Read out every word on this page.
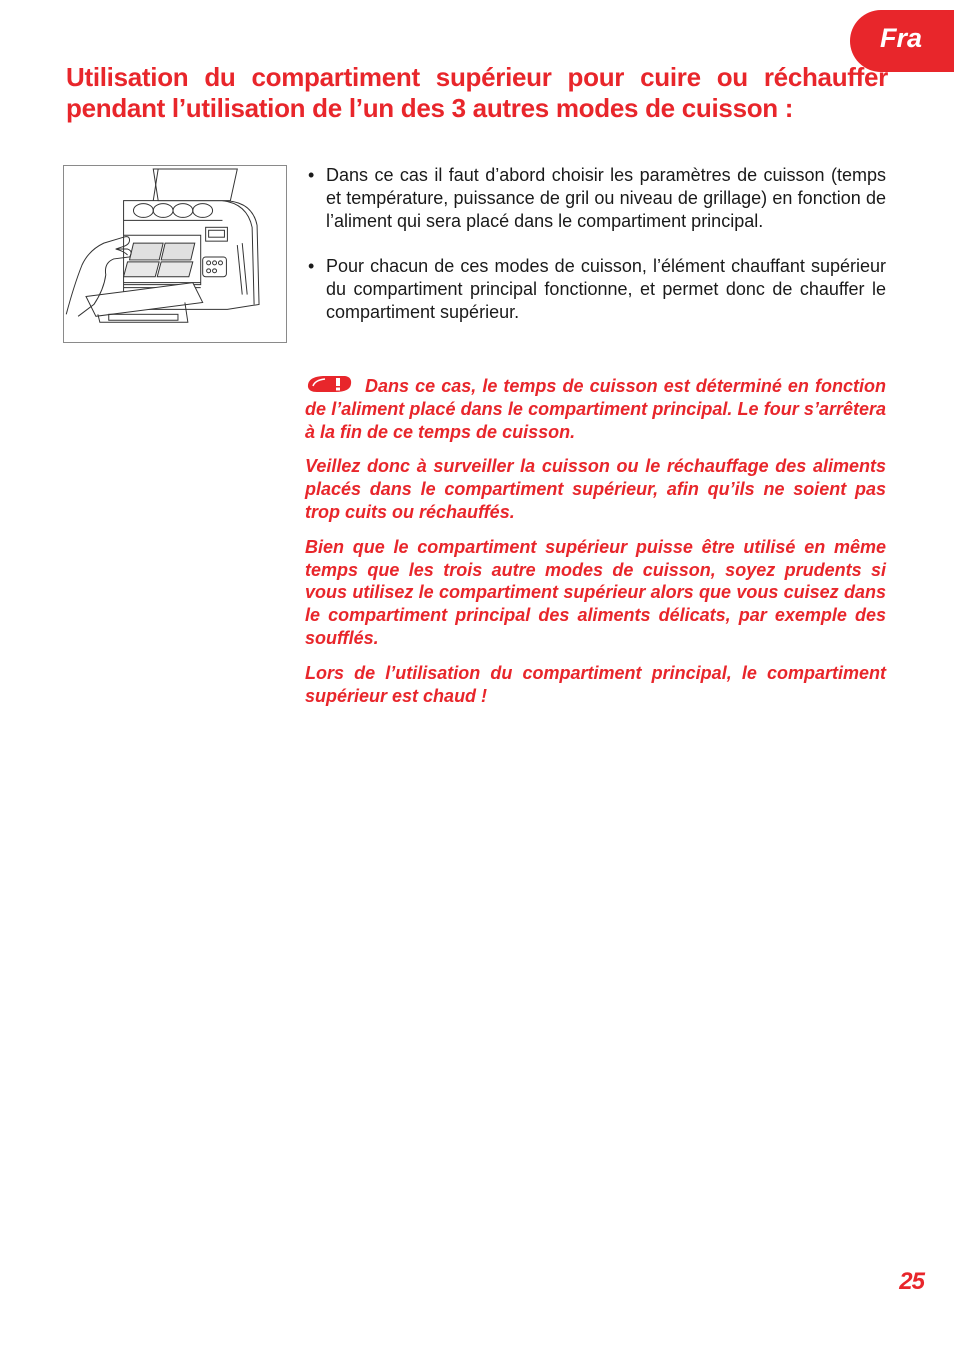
Fra
Utilisation du compartiment supérieur pour cuire ou réchauffer
pendant l’utilisation de l’un des 3 autres modes de cuisson :
• Dans ce cas il faut d’abord choisir les paramètres de cuisson (temps et température, puissance de gril ou niveau de grillage) en fonction de l’aliment qui sera placé dans le compartiment principal.
• Pour chacun de ces modes de cuisson, l’élément chauffant supérieur du compartiment principal fonctionne, et permet donc de chauffer le compartiment supérieur.

Dans ce cas, le temps de cuisson est déterminé en fonction de l’aliment placé dans le compartiment principal. Le four s’arrêtera à la fin de ce temps de cuisson.

Veillez donc à surveiller la cuisson ou le réchauffage des aliments placés dans le compartiment supérieur, afin qu’ils ne soient pas trop cuits ou réchauffés.

Bien que le compartiment supérieur puisse être utilisé en même temps que les trois autre modes de cuisson, soyez prudents si vous utilisez le compartiment supérieur alors que vous cuisez dans le compartiment principal des aliments délicats, par exemple des soufflés.

Lors de l’utilisation du compartiment principal, le compartiment supérieur est chaud !

25
